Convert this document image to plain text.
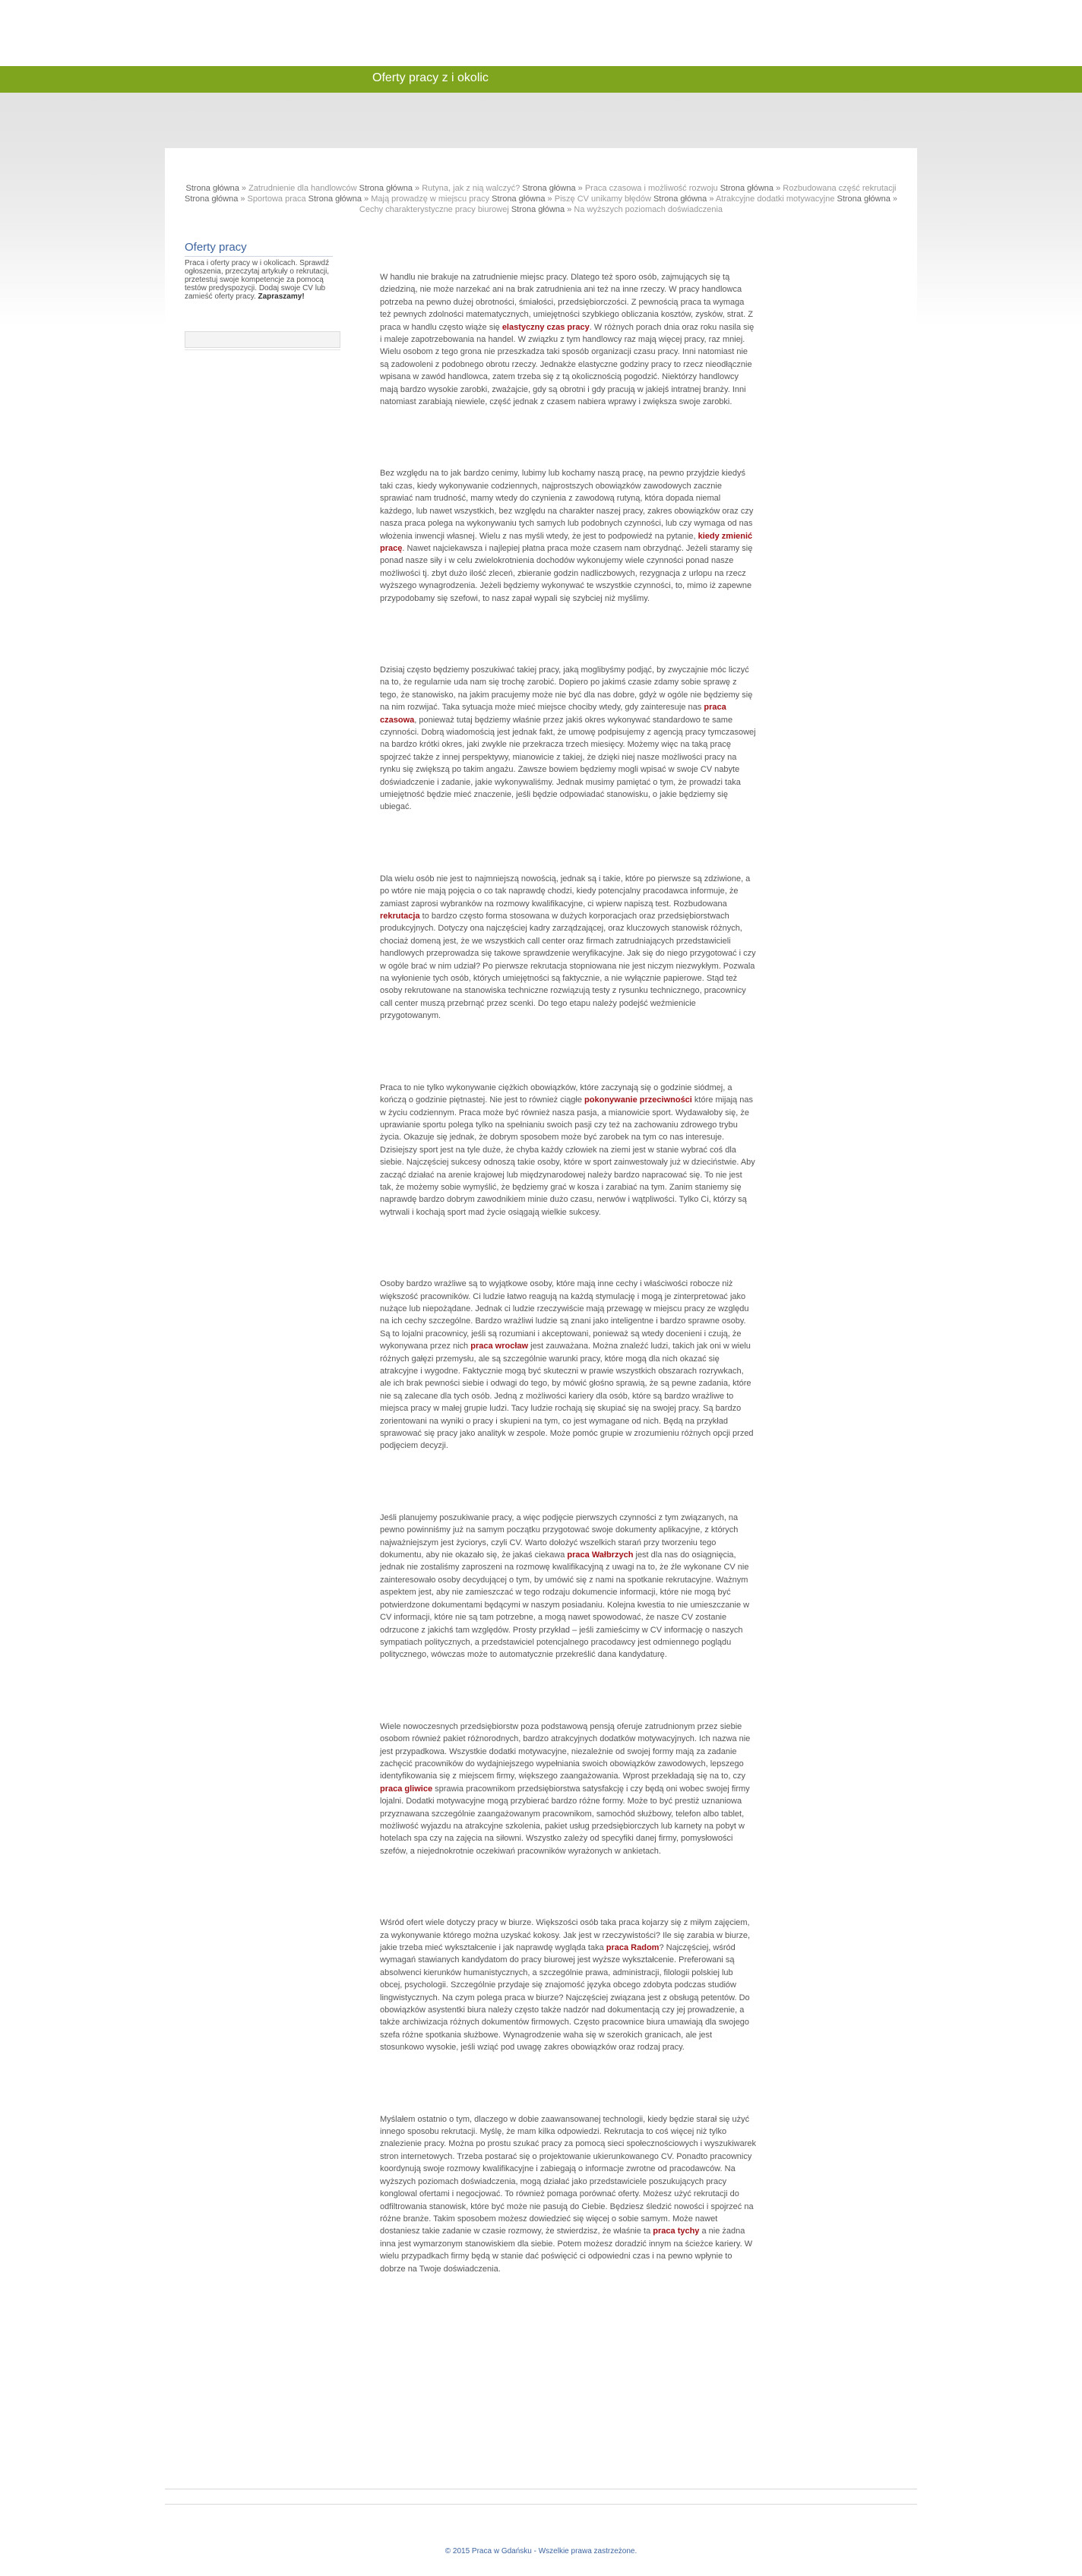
Oferty pracy z i okolic
Strona główna » Zatrudnienie dla handlowców Strona główna » Rutyna, jak z nią walczyć? Strona główna » Praca czasowa i możliwość rozwoju Strona główna » Rozbudowana część rekrutacji Strona główna » Sportowa praca Strona główna » Mają prowadzę w miejscu pracy Strona główna » Piszę CV unikamy błędów Strona główna » Atrakcyjne dodatki motywacyjne Strona główna » Cechy charakterystyczne pracy biurowej Strona główna » Na wyższych poziomach doświadczenia
Oferty pracy

Praca i oferty pracy w i okolicach. Sprawdź ogłoszenia, przeczytaj artykuły o rekrutacji, przetestuj swoje kompetencje za pomocą testów predyspozycji. Dodaj swoje CV lub zamieść oferty pracy. Zapraszamy!

W handlu nie brakuje na zatrudnienie miejsc pracy. Dlatego też sporo osób, zajmujących się tą dziedziną, nie może narzekać ani na brak zatrudnienia ani też na inne rzeczy. W pracy handlowca potrzeba na pewno dużej obrotności, śmiałości, przedsiębiorczości. Z pewnością praca ta wymaga też pewnych zdolności matematycznych, umiejętności szybkiego obliczania kosztów, zysków, strat. Z praca w handlu często wiąże się elastyczny czas pracy. W różnych porach dnia oraz roku nasila się i maleje zapotrzebowania na handel. W związku z tym handlowcy raz mają więcej pracy, raz mniej. Wielu osobom z tego grona nie przeszkadza taki sposób organizacji czasu pracy. Inni natomiast nie są zadowoleni z podobnego obrotu rzeczy. Jednakże elastyczne godziny pracy to rzecz nieodłącznie wpisana w zawód handlowca, zatem trzeba się z tą okolicznością pogodzić. Niektórzy handlowcy mają bardzo wysokie zarobki, zważajcie, gdy są obrotni i gdy pracują w jakiejś intratnej branży. Inni natomiast zarabiają niewiele, część jednak z czasem nabiera wprawy i zwiększa swoje zarobki.

Bez względu na to jak bardzo cenimy, lubimy lub kochamy naszą pracę, na pewno przyjdzie kiedyś taki czas, kiedy wykonywanie codziennych, najprostszych obowiązków zawodowych zacznie sprawiać nam trudność, mamy wtedy do czynienia z zawodową rutyną, która dopada niemal każdego, lub nawet wszystkich, bez względu na charakter naszej pracy, zakres obowiązków oraz czy nasza praca polega na wykonywaniu tych samych lub podobnych czynności, lub czy wymaga od nas włożenia inwencji własnej. Wielu z nas myśli wtedy, że jest to podpowiedź na pytanie, kiedy zmienić pracę. Nawet najciekawsza i najlepiej płatna praca może czasem nam obrzydnąć. Jeżeli staramy się ponad nasze siły i w celu zwielokrotnienia dochodów wykonujemy wiele czynności ponad nasze możliwości tj. zbyt dużo ilość zleceń, zbieranie godzin nadliczbowych, rezygnacja z urlopu na rzecz wyższego wynagrodzenia. Jeżeli będziemy wykonywać te wszystkie czynności, to, mimo iż zapewne przypodobamy się szefowi, to nasz zapał wypali się szybciej niż myślimy.

Dzisiaj często będziemy poszukiwać takiej pracy, jaką moglibyśmy podjąć, by zwyczajnie móc liczyć na to, że regularnie uda nam się trochę zarobić. Dopiero po jakimś czasie zdamy sobie sprawę z tego, że stanowisko, na jakim pracujemy może nie być dla nas dobre, gdyż w ogóle nie będziemy się na nim rozwijać. Taka sytuacja może mieć miejsce chociby wtedy, gdy zainteresuje nas praca czasowa, ponieważ tutaj będziemy właśnie przez jakiś okres wykonywać standardowo te same czynności. Dobrą wiadomością jest jednak fakt, że umowę podpisujemy z agencją pracy tymczasowej na bardzo krótki okres, jaki zwykle nie przekracza trzech miesięcy. Możemy więc na taką pracę spojrzeć także z innej perspektywy, mianowicie z takiej, że dzięki niej nasze możliwości pracy na rynku się zwiększą po takim angażu. Zawsze bowiem będziemy mogli wpisać w swoje CV nabyte doświadczenie i zadanie, jakie wykonywaliśmy. Jednak musimy pamiętać o tym, że prowadzi taka umiejętność będzie mieć znaczenie, jeśli będzie odpowiadać stanowisku, o jakie będziemy się ubiegać.

Dla wielu osób nie jest to najmniejszą nowością, jednak są i takie, które po pierwsze są zdziwione, a po wtóre nie mają pojęcia o co tak naprawdę chodzi, kiedy potencjalny pracodawca informuje, że zamiast zaprosi wybranków na rozmowy kwalifikacyjne, ci wpierw napiszą test. Rozbudowana rekrutacja to bardzo często forma stosowana w dużych korporacjach oraz przedsiębiorstwach produkcyjnych. Dotyczy ona najczęściej kadry zarządzającej, oraz kluczowych stanowisk różnych, chociaż domeną jest, że we wszystkich call center oraz firmach zatrudniających przedstawicieli handlowych przeprowadza się takowe sprawdzenie weryfikacyjne. Jak się do niego przygotować i czy w ogóle brać w nim udział? Po pierwsze rekrutacja stopniowana nie jest niczym niezwykłym. Pozwala na wyłonienie tych osób, których umiejętności są faktycznie, a nie wyłącznie papierowe. Stąd też osoby rekrutowane na stanowiska techniczne rozwiązują testy z rysunku technicznego, pracownicy call center muszą przebrnąć przez scenki. Do tego etapu należy podejść weźmienicie przygotowanym.

Praca to nie tylko wykonywanie ciężkich obowiązków, które zaczynają się o godzinie siódmej, a kończą o godzinie piętnastej. Nie jest to również ciągłe pokonywanie przeciwności które mijają nas w życiu codziennym. Praca może być również nasza pasja, a mianowicie sport. Wydawałoby się, że uprawianie sportu polega tylko na spełnianiu swoich pasji czy też na zachowaniu zdrowego trybu życia. Okazuje się jednak, że dobrym sposobem może być zarobek na tym co nas interesuje. Dzisiejszy sport jest na tyle duże, że chyba każdy człowiek na ziemi jest w stanie wybrać coś dla siebie. Najczęściej sukcesy odnoszą takie osoby, które w sport zainwestowały już w dzieciństwie. Aby zacząć działać na arenie krajowej lub międzynarodowej należy bardzo napracować się. To nie jest tak, że możemy sobie wymyślić, że będziemy grać w kosza i zarabiać na tym. Zanim staniemy się naprawdę bardzo dobrym zawodnikiem minie dużo czasu, nerwów i wątpliwości. Tylko Ci, którzy są wytrwali i kochają sport mad życie osiągają wielkie sukcesy.

Osoby bardzo wrażliwe są to wyjątkowe osoby, które mają inne cechy i właściwości robocze niż większość pracowników. Ci ludzie łatwo reagują na każdą stymulację i mogą je zinterpretować jako nużące lub niepożądane. Jednak ci ludzie rzeczywiście mają przewagę w miejscu pracy ze względu na ich cechy szczególne. Bardzo wrażliwi ludzie są znani jako inteligentne i bardzo sprawne osoby. Są to lojalni pracownicy, jeśli są rozumiani i akceptowani, ponieważ są wtedy docenieni i czują, że wykonywana przez nich praca wrocław jest zauważana. Można znaleźć ludzi, takich jak oni w wielu różnych gałęzi przemysłu, ale są szczególnie warunki pracy, które mogą dla nich okazać się atrakcyjne i wygodne. Faktycznie mogą być skuteczni w prawie wszystkich obszarach rozrywkach, ale ich brak pewności siebie i odwagi do tego, by mówić głośno sprawią, że są pewne zadania, które nie są zalecane dla tych osób. Jedną z możliwości kariery dla osób, które są bardzo wrażliwe to miejsca pracy w małej grupie ludzi. Tacy ludzie rochają się skupiać się na swojej pracy. Są bardzo zorientowani na wyniki o pracy i skupieni na tym, co jest wymagane od nich. Będą na przykład sprawować się pracy jako analityk w zespole. Może pomóc grupie w zrozumieniu różnych opcji przed podjęciem decyzji.

Jeśli planujemy poszukiwanie pracy, a więc podjęcie pierwszych czynności z tym związanych, na pewno powinniśmy już na samym początku przygotować swoje dokumenty aplikacyjne, z których najważniejszym jest życiorys, czyli CV. Warto dołożyć wszelkich starań przy tworzeniu tego dokumentu, aby nie okazało się, że jakaś ciekawa praca Wałbrzych jest dla nas do osiągnięcia, jednak nie zostaliśmy zaproszeni na rozmowę kwalifikacyjną z uwagi na to, że źle wykonane CV nie zainteresowało osoby decydującej o tym, by umówić się z nami na spotkanie rekrutacyjne. Ważnym aspektem jest, aby nie zamieszczać w tego rodzaju dokumencie informacji, które nie mogą być potwierdzone dokumentami będącymi w naszym posiadaniu. Kolejna kwestia to nie umieszczanie w CV informacji, które nie są tam potrzebne, a mogą nawet spowodować, że nasze CV zostanie odrzucone z jakichś tam względów. Prosty przykład – jeśli zamieścimy w CV informację o naszych sympatiach politycznych, a przedstawiciel potencjalnego pracodawcy jest odmiennego poglądu politycznego, wówczas może to automatycznie przekreślić dana kandydaturę.

Wiele nowoczesnych przedsiębiorstw poza podstawową pensją oferuje zatrudnionym przez siebie osobom również pakiet różnorodnych, bardzo atrakcyjnych dodatków motywacyjnych. Ich nazwa nie jest przypadkowa. Wszystkie dodatki motywacyjne, niezależnie od swojej formy mają za zadanie zachęcić pracowników do wydajniejszego wypełniania swoich obowiązków zawodowych, lepszego identyfikowania się z miejscem firmy, większego zaangażowania. Wprost przekładają się na to, czy praca gliwice sprawia pracownikom przedsiębiorstwa satysfakcję i czy będą oni wobec swojej firmy lojalni. Dodatki motywacyjne mogą przybierać bardzo różne formy. Może to być prestiż uznaniowa przyznawana szczególnie zaangażowanym pracownikom, samochód służbowy, telefon albo tablet, możliwość wyjazdu na atrakcyjne szkolenia, pakiet usług przedsiębiorczych lub karnety na pobyt w hotelach spa czy na zajęcia na siłowni. Wszystko zależy od specyfiki danej firmy, pomysłowości szefów, a niejednokrotnie oczekiwań pracowników wyrażonych w ankietach.

Wśród ofert wiele dotyczy pracy w biurze. Większości osób taka praca kojarzy się z miłym zajęciem, za wykonywanie którego można uzyskać kokosy. Jak jest w rzeczywistości? Ile się zarabia w biurze, jakie trzeba mieć wykształcenie i jak naprawdę wygląda taka praca Radom? Najczęściej, wśród wymagań stawianych kandydatom do pracy biurowej jest wyższe wykształcenie. Preferowani są absolwenci kierunków humanistycznych, a szczególnie prawa, administracji, filologii polskiej lub obcej, psychologii. Szczególnie przydaje się znajomość języka obcego zdobyta podczas studiów lingwistycznych. Na czym polega praca w biurze? Najczęściej związana jest z obsługą petentów. Do obowiązków asystentki biura należy często także nadzór nad dokumentacją czy jej prowadzenie, a także archiwizacja różnych dokumentów firmowych. Często pracownice biura umawiają dla swojego szefa różne spotkania służbowe. Wynagrodzenie waha się w szerokich granicach, ale jest stosunkowo wysokie, jeśli wziąć pod uwagę zakres obowiązków oraz rodzaj pracy.

Myślałem ostatnio o tym, dlaczego w dobie zaawansowanej technologii, kiedy będzie starał się użyć innego sposobu rekrutacji. Myślę, że mam kilka odpowiedzi. Rekrutacja to coś więcej niż tylko znalezienie pracy. Można po prostu szukać pracy za pomocą sieci społecznościowych i wyszukiwarek stron internetowych. Trzeba postarać się o projektowanie ukierunkowanego CV. Ponadto pracownicy koordynują swoje rozmowy kwalifikacyjne i zabiegają o informacje zwrotne od pracodawców. Na wyższych poziomach doświadczenia, mogą działać jako przedstawiciele poszukujących pracy konglowal ofertami i negocjować. To również pomaga porównać oferty. Możesz użyć rekrutacji do odfiltrowania stanowisk, które być może nie pasują do Ciebie. Będziesz śledzić nowości i spojrzeć na różne branże. Takim sposobem możesz dowiedzieć się więcej o sobie samym. Może nawet dostaniesz takie zadanie w czasie rozmowy, że stwierdzisz, że właśnie ta praca tychy a nie żadna inna jest wymarzonym stanowiskiem dla siebie. Potem możesz doradzić innym na ścieżce kariery. W wielu przypadkach firmy będą w stanie dać poświęcić ci odpowiedni czas i na pewno wpłynie to dobrze na Twoje doświadczenia.

© 2015 Praca w Gdańsku - Wszelkie prawa zastrzeżone.
